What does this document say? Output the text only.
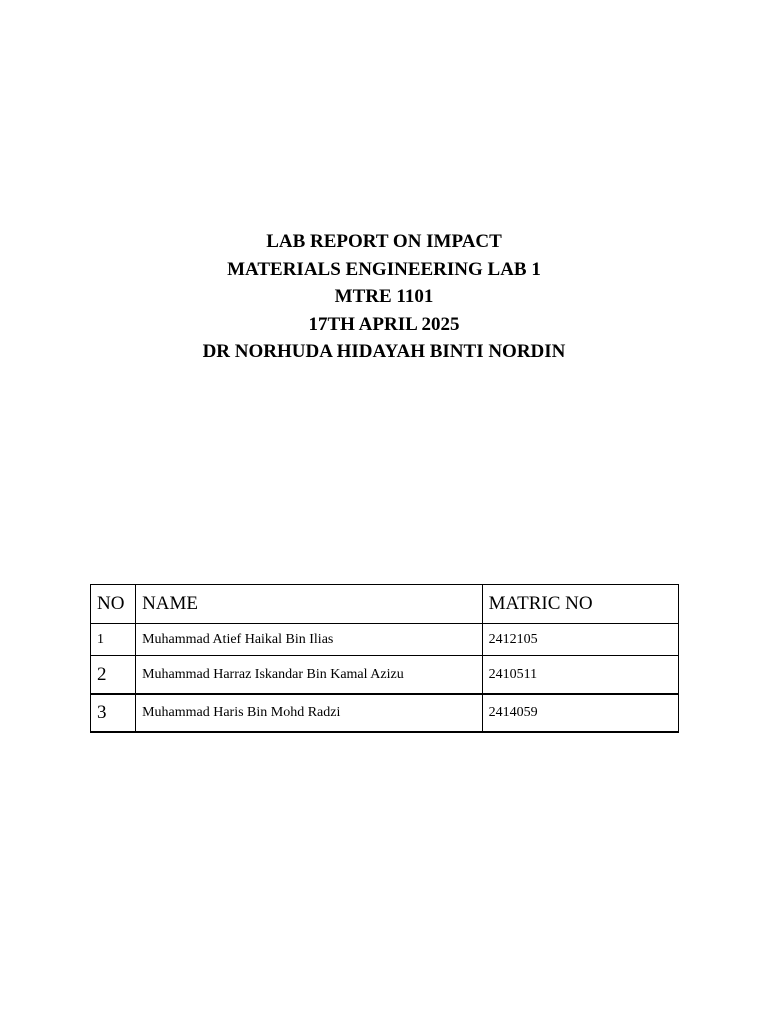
LAB REPORT ON IMPACT

MATERIALS ENGINEERING LAB 1

MTRE 1101

17TH APRIL 2025

DR NORHUDA HIDAYAH BINTI NORDIN

NO	NAME	MATRIC NO
1	Muhammad Atief Haikal Bin Ilias	2412105
2	Muhammad Harraz Iskandar Bin Kamal Azizu	2410511
3	Muhammad Haris Bin Mohd Radzi	2414059
